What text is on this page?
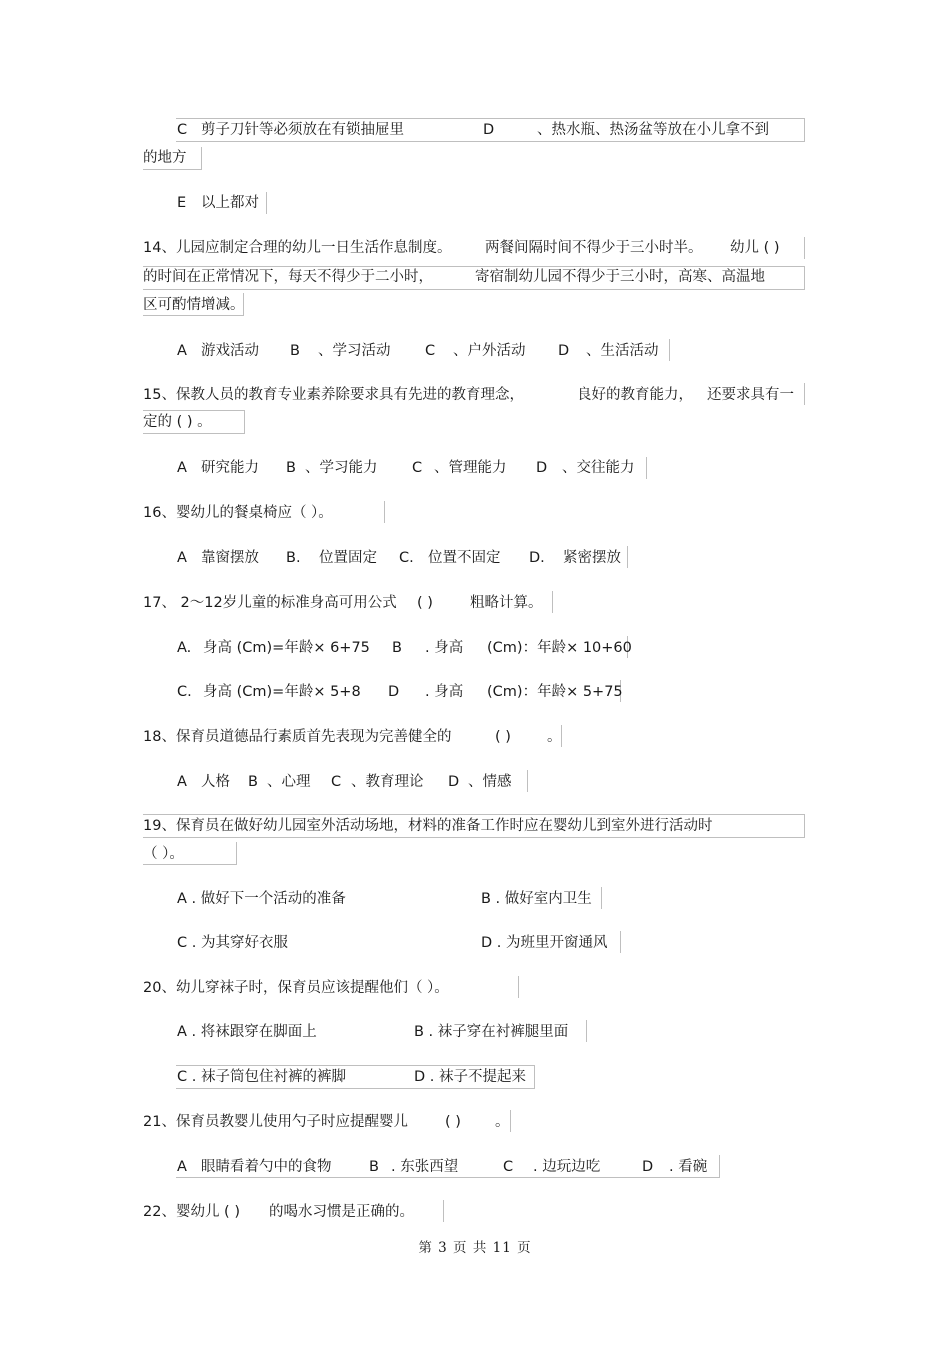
C 剪子刀针等必须放在有锁抽屉里	D	、热水瓶、热汤盆等放在小儿拿不到
的地方
E 以上都对
14、儿园应制定合理的幼儿一日生活作息制度。 两餐间隔时间不得少于三小时半。 幼儿 ( )
的时间在正常情况下，每天不得少于二小时，	寄宿制幼儿园不得少于三小时，高寒、高温地
区可酌情增减。
A 游戏活动 B 、学习活动 C 、户外活动 D 、生活活动
15、保教人员的教育专业素养除要求具有先进的教育理念，	良好的教育能力， 还要求具有一
定的 ( ) 。
A 研究能力 B 、学习能力 C 、管理能力 D 、交往能力
16、婴幼儿的餐桌椅应（ ）。
A 靠窗摆放 B. 位置固定 C. 位置不固定 D. 紧密摆放
17、 2～12岁儿童的标准身高可用公式 ( )	粗略计算。
A. 身高 (Cm)=年龄× 6+75 B . 身高 (Cm)：年龄× 10+60
C. 身高 (Cm)=年龄× 5+8 D . 身高 (Cm)：年龄× 5+75
18、保育员道德品行素质首先表现为完善健全的	( ) 。
A 人格 B 、心理 C 、教育理论 D 、情感
19、保育员在做好幼儿园室外活动场地，材料的准备工作时应在婴幼儿到室外进行活动时
（ ）。
A . 做好下一个活动的准备	B . 做好室内卫生
C . 为其穿好衣服	D . 为班里开窗通风
20、幼儿穿袜子时，保育员应该提醒他们（ ）。
A . 将袜跟穿在脚面上	B . 袜子穿在衬裤腿里面
C . 袜子筒包住衬裤的裤脚	D . 袜子不提起来
21、保育员教婴儿使用勺子时应提醒婴儿	( ) 。
A 眼睛看着勺中的食物	B . 东张西望	C . 边玩边吃	D . 看碗
22、婴幼儿 ( ) 的喝水习惯是正确的。
第 3 页 共 11 页
